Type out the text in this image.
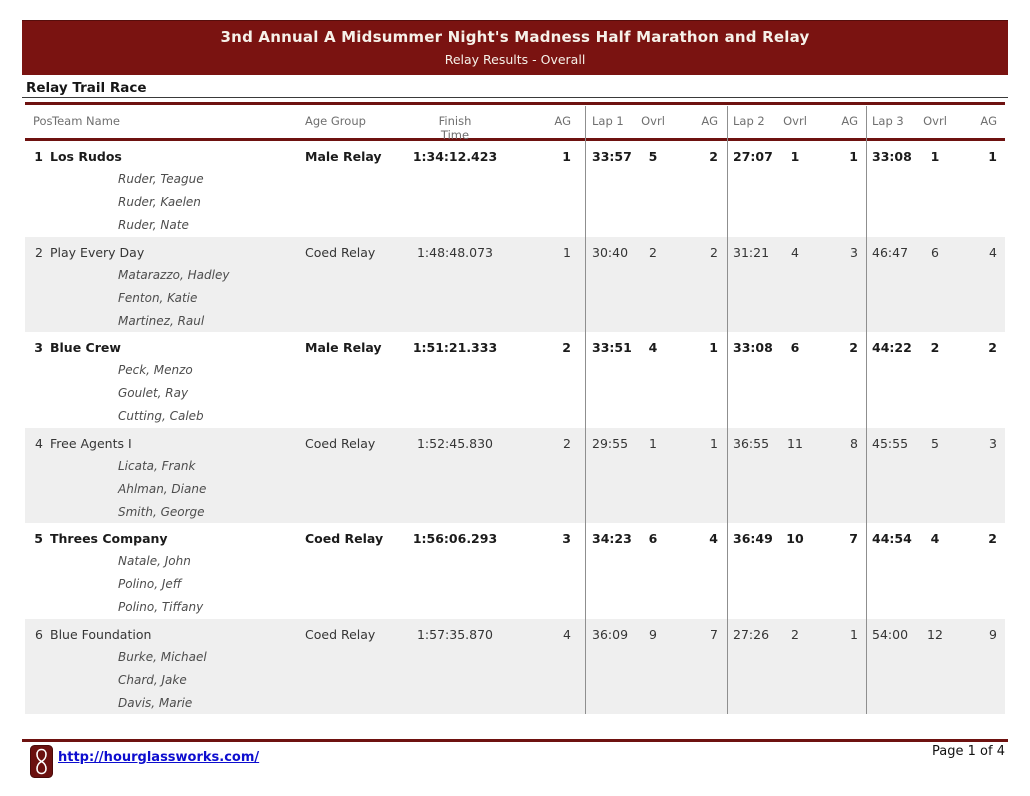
3nd Annual A Midsummer Night's Madness Half Marathon and Relay
Relay Results - Overall
Relay Trail Race
Pos Team Name	Age Group	Finish
Time
AG Lap 1	Ovrl	AG Lap 2	Ovrl	AG Lap 3	Ovrl	AG
1 Los Rudos	Male Relay	1:34:12.423	1 33:57	5	2 27:07	1	1 33:08	1	1
Ruder, Teague
Ruder, Kaelen
Ruder, Nate
2 Play Every Day	Coed Relay	1:48:48.073	1 30:40	2	2 31:21	4	3 46:47	6	4
Matarazzo, Hadley
Fenton, Katie
Martinez, Raul
3 Blue Crew	Male Relay	1:51:21.333	2 33:51	4	1 33:08	6	2 44:22	2	2
Peck, Menzo
Goulet, Ray
Cutting, Caleb
4 Free Agents I	Coed Relay	1:52:45.830	2 29:55	1	1 36:55	11	8 45:55	5	3
Licata, Frank
Ahlman, Diane
Smith, George
5 Threes Company	Coed Relay	1:56:06.293	3 34:23	6	4 36:49	10	7 44:54	4	2
Natale, John
Polino, Jeff
Polino, Tiffany
6 Blue Foundation	Coed Relay	1:57:35.870	4 36:09	9	7 27:26	2	1 54:00	12	9
Burke, Michael
Chard, Jake
Davis, Marie
http://hourglassworks.com/	Page 1 of 4
